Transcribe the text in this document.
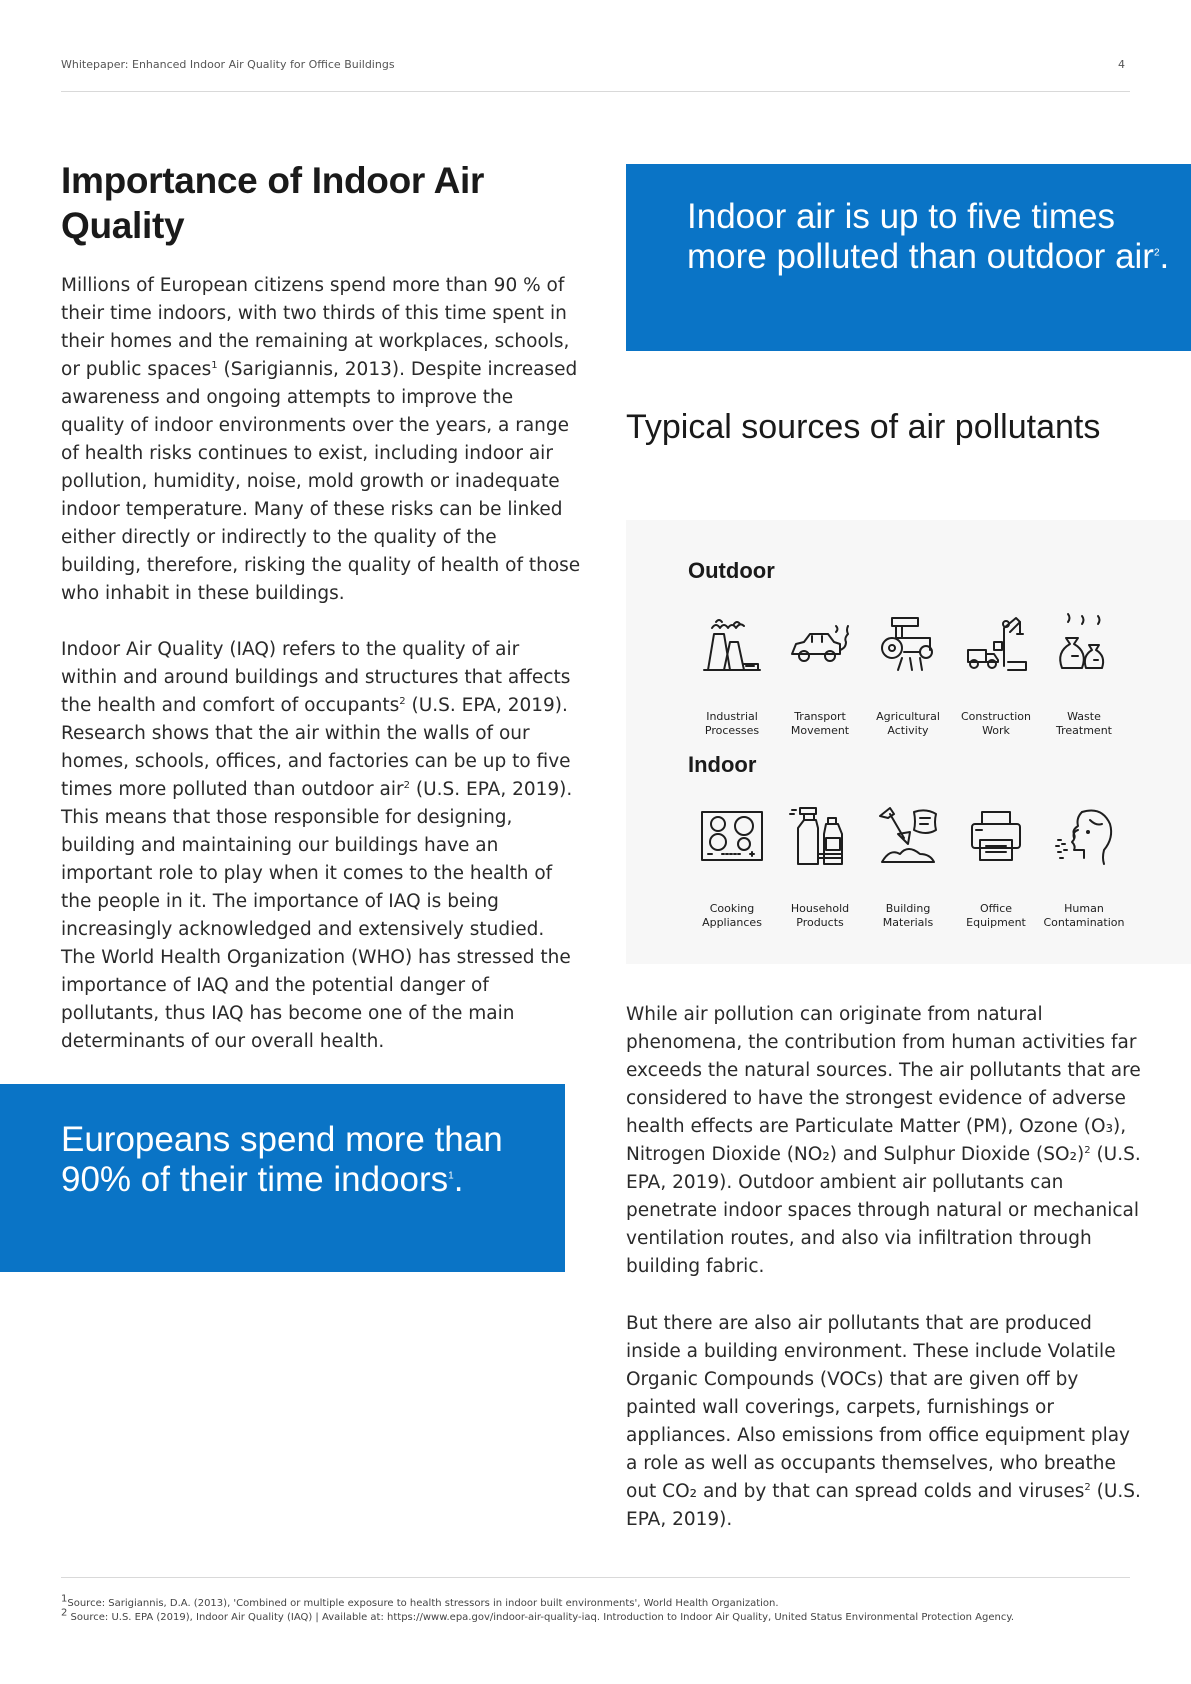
Whitepaper: Enhanced Indoor Air Quality for Office Buildings	4
Importance of Indoor Air Quality

Millions of European citizens spend more than 90 % of their time indoors, with two thirds of this time spent in their homes and the remaining at workplaces, schools, or public spaces$^1$ (Sarigiannis, 2013). Despite increased awareness and ongoing attempts to improve the quality of indoor environments over the years, a range of health risks continues to exist, including indoor air pollution, humidity, noise, mold growth or inadequate indoor temperature. Many of these risks can be linked either directly or indirectly to the quality of the building, therefore, risking the quality of health of those who inhabit in these buildings.

Indoor Air Quality (IAQ) refers to the quality of air within and around buildings and structures that affects the health and comfort of occupants$^2$ (U.S. EPA, 2019). Research shows that the air within the walls of our homes, schools, offices, and factories can be up to five times more polluted than outdoor air$^2$ (U.S. EPA, 2019). This means that those responsible for designing, building and maintaining our buildings have an important role to play when it comes to the health of the people in it. The importance of IAQ is being increasingly acknowledged and extensively studied. The World Health Organization (WHO) has stressed the importance of IAQ and the potential danger of pollutants, thus IAQ has become one of the main determinants of our overall health.

Europeans spend more than 90% of their time indoors$^1$.
Indoor air is up to five times more polluted than outdoor air$^2$.
Typical sources of air pollutants
Outdoor
Industrial
Processes
Transport
Movement
Agricultural
Activity
Construction
Work
Waste
Treatment
Indoor
Cooking
Appliances
Household
Products
Building
Materials
Office
Equipment
Human
Contamination

While air pollution can originate from natural phenomena, the contribution from human activities far exceeds the natural sources. The air pollutants that are considered to have the strongest evidence of adverse health effects are Particulate Matter (PM), Ozone (O₃), Nitrogen Dioxide (NO₂) and Sulphur Dioxide $(SO_2)^2$ (U.S. EPA, 2019). Outdoor ambient air pollutants can penetrate indoor spaces through natural or mechanical ventilation routes, and also via infiltration through building fabric.

But there are also air pollutants that are produced inside a building environment. These include Volatile Organic Compounds (VOCs) that are given off by painted wall coverings, carpets, furnishings or appliances. Also emissions from office equipment play a role as well as occupants themselves, who breathe out CO₂ and by that can spread colds and viruses$^2$ (U.S. EPA, 2019).

$^1$Source: Sarigiannis, D.A. (2013), 'Combined or multiple exposure to health stressors in indoor built environments', World Health Organization.
$^2$ Source: U.S. EPA (2019), Indoor Air Quality (IAQ) | Available at: https://www.epa.gov/indoor-air-quality-iaq. Introduction to Indoor Air Quality, United Status Environmental Protection Agency.
